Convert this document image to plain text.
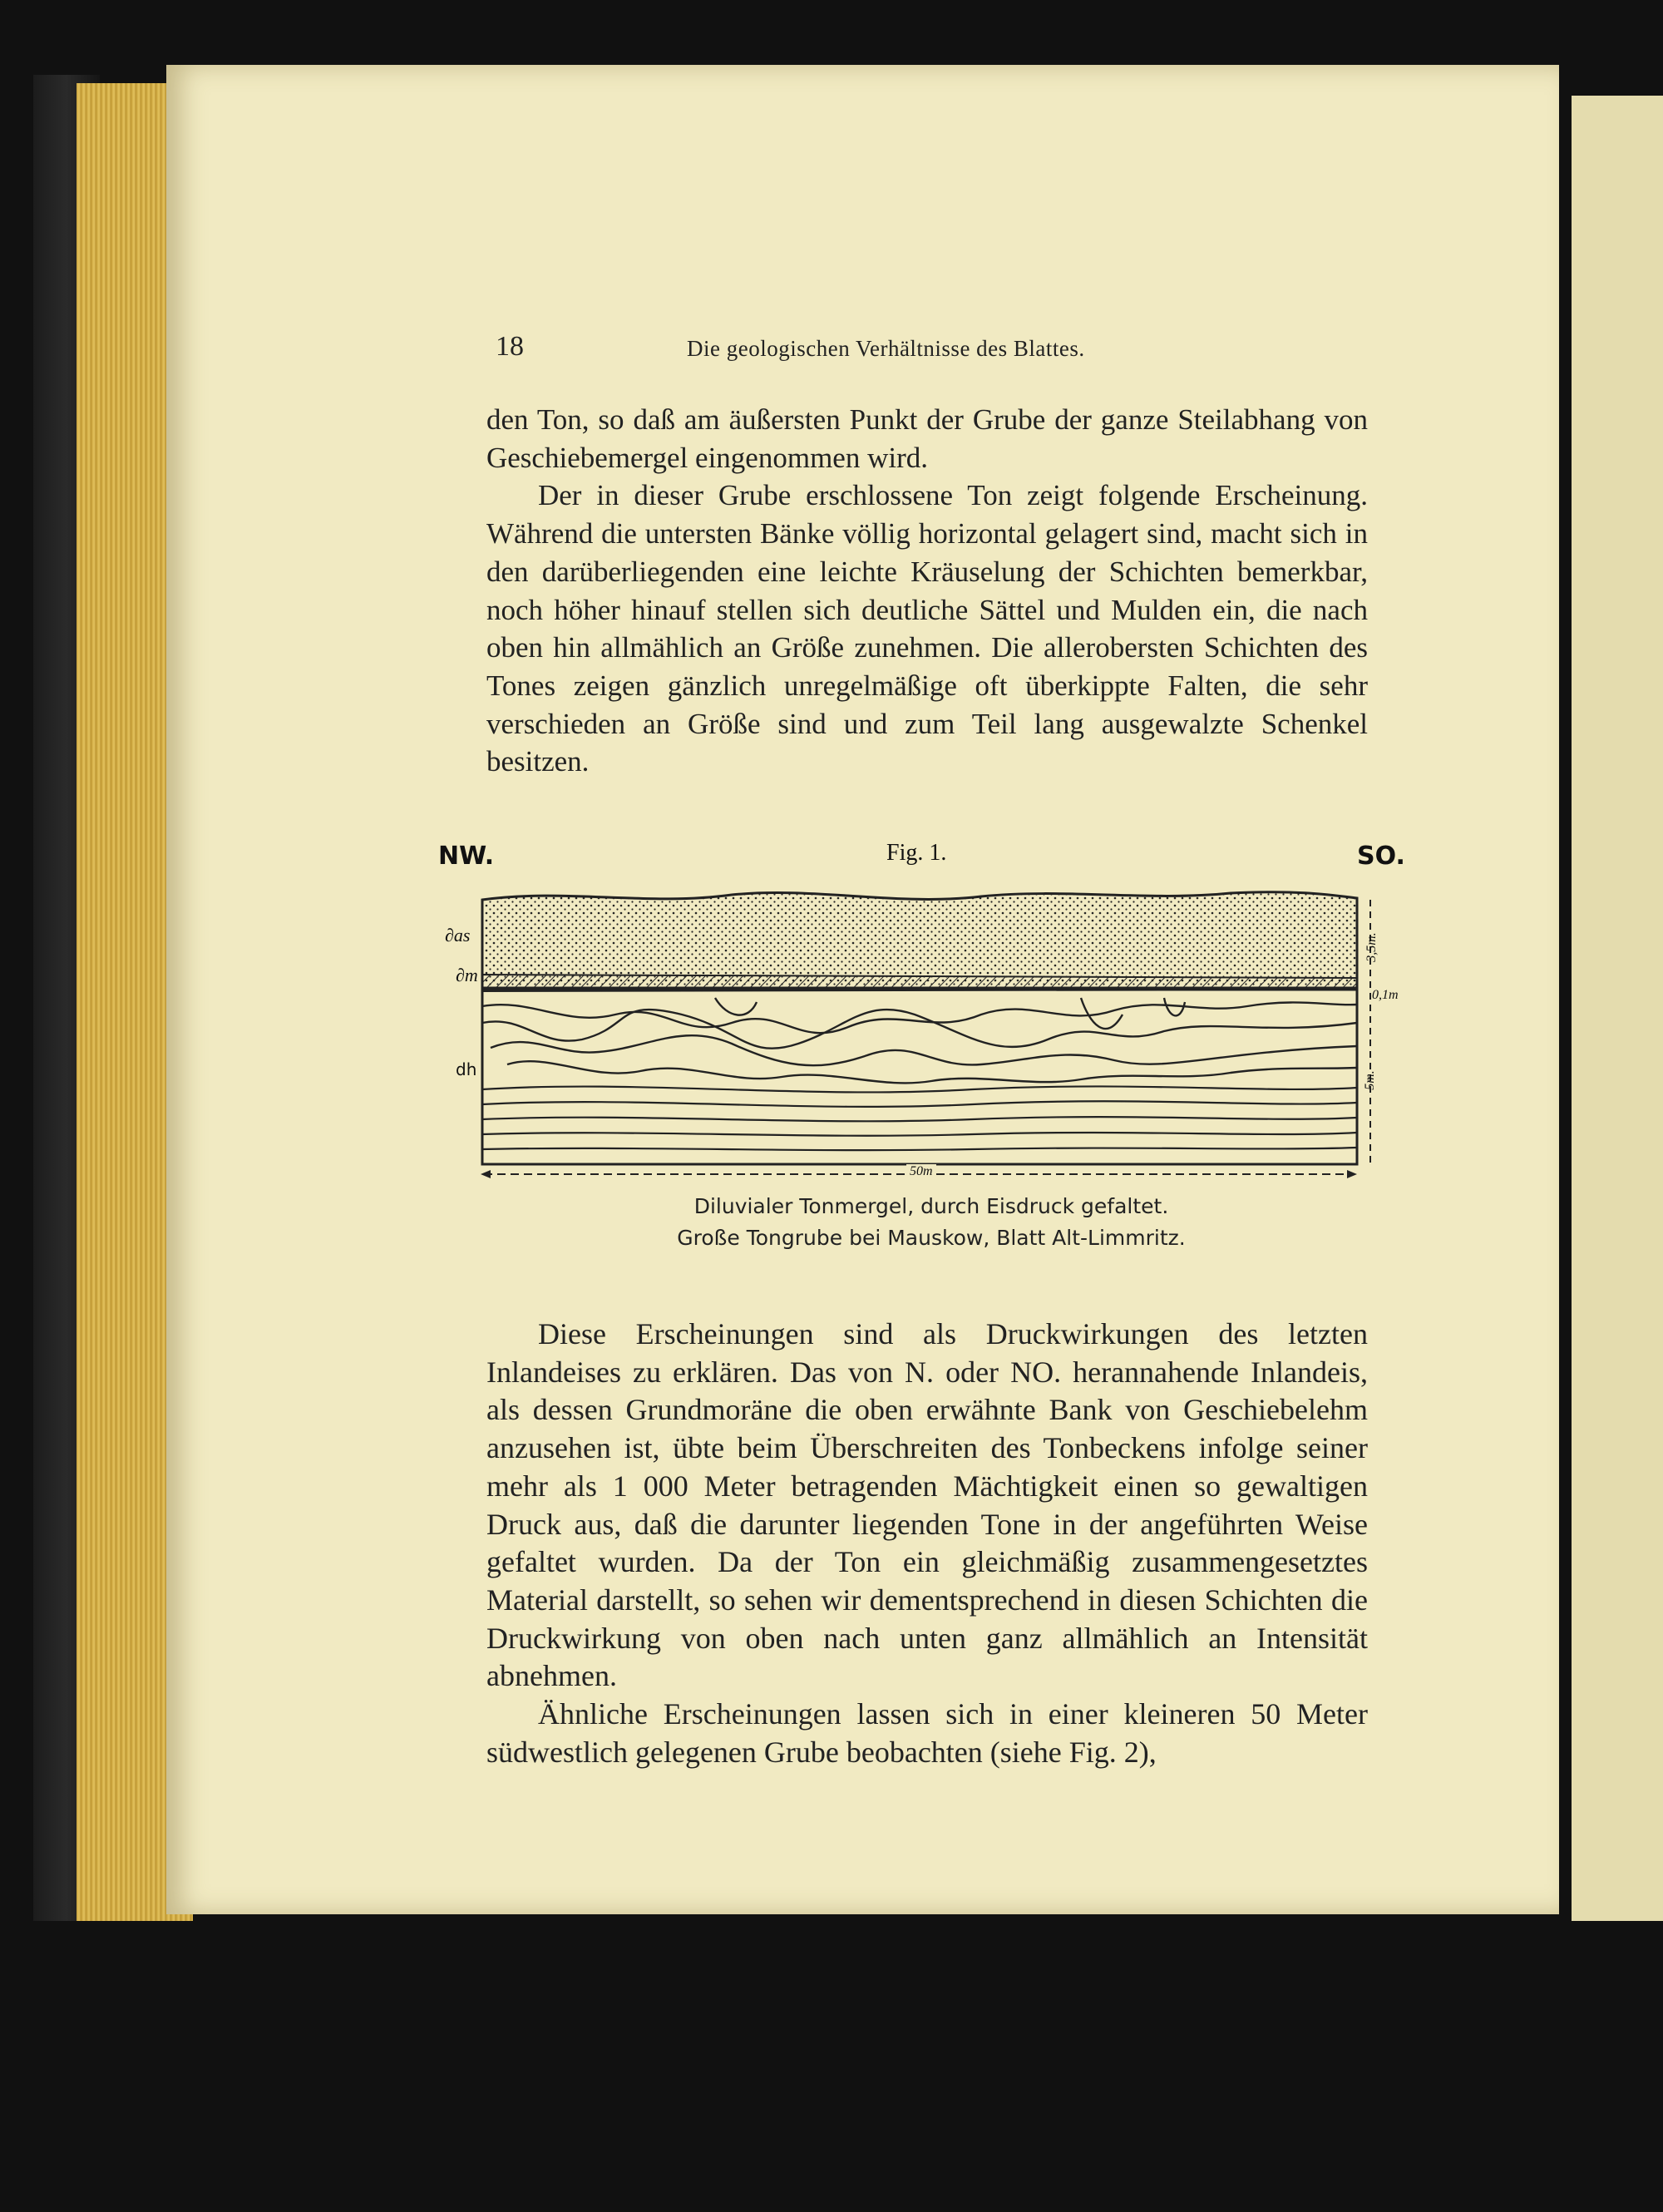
18	Die geologischen Verhältnisse des Blattes.

den Ton, so daß am äußersten Punkt der Grube der ganze Steilabhang von Geschiebemergel eingenommen wird.

Der in dieser Grube erschlossene Ton zeigt folgende Erscheinung. Während die untersten Bänke völlig horizontal gelagert sind, macht sich in den darüberliegenden eine leichte Kräuselung der Schichten bemerkbar, noch höher hinauf stellen sich deutliche Sättel und Mulden ein, die nach oben hin allmählich an Größe zunehmen. Die allerobersten Schichten des Tones zeigen gänzlich unregelmäßige oft überkippte Falten, die sehr verschieden an Größe sind und zum Teil lang ausgewalzte Schenkel besitzen.

NW.	SO.
Fig. 1.
∂as
∂m
dh
3,5m.
0,1m
5m.
50m
Diluvialer Tonmergel, durch Eisdruck gefaltet.
Große Tongrube bei Mauskow, Blatt Alt-Limmritz.

Diese Erscheinungen sind als Druckwirkungen des letzten Inlandeises zu erklären. Das von N. oder NO. herannahende Inlandeis, als dessen Grundmoräne die oben erwähnte Bank von Geschiebelehm anzusehen ist, übte beim Überschreiten des Tonbeckens infolge seiner mehr als 1 000 Meter betragenden Mächtigkeit einen so gewaltigen Druck aus, daß die darunter liegenden Tone in der angeführten Weise gefaltet wurden. Da der Ton ein gleichmäßig zusammengesetztes Material darstellt, so sehen wir dementsprechend in diesen Schichten die Druckwirkung von oben nach unten ganz allmählich an Intensität abnehmen.

Ähnliche Erscheinungen lassen sich in einer kleineren 50 Meter südwestlich gelegenen Grube beobachten (siehe Fig. 2),
